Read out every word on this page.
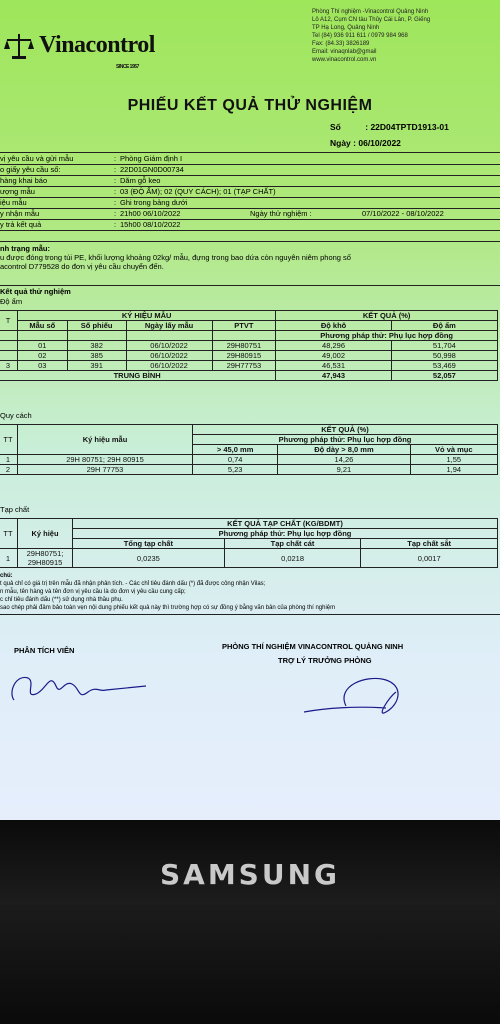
Vinacontrol
SINCE 1957
Phòng Thí nghiệm -Vinacontrol Quảng Ninh
Lô A12, Cụm CN tàu Thủy Cái Lân, P. Giếng
TP Hạ Long, Quảng Ninh
Tel (84) 936 911 611 / 0979 984 968
Fax: (84.33) 3826189
Email: vinaqnlab@gmail
www.vinacontrol.com.vn
PHIẾU KẾT QUẢ THỬ NGHIỆM
Số	: 22D04TPTD1913-01
Ngày : 06/10/2022
vị yêu cầu và gửi mẫu	Phòng Giám định I
:
o giấy yêu cầu số:	: 22D01GN0D00734
hàng khai báo	: Dăm gỗ keo
ượng mẫu	: 03 (ĐỘ ẨM); 02 (QUY CÁCH); 01 (TẠP CHẤT)
iệu mẫu	: Ghi trong bảng dưới
y nhận mẫu	: 21h00 06/10/2022	Ngày thử nghiệm :	07/10/2022 - 08/10/2022
y trả kết quả	: 15h00 08/10/2022
nh trạng mẫu:
u được đóng trong túi PE, khối lượng khoảng 02kg/ mẫu, đựng trong bao dứa còn nguyên niêm phong số
acontrol D779528 do đơn vị yêu cầu chuyển đến.
Kết quả thử nghiệm
Độ ẩm
T	KÝ HIỆU MẪU				KẾT QUẢ (%)	
	Mẫu số	Số phiếu	Ngày lấy mẫu	PTVT	Độ khô	Độ ẩm
					Phương pháp thử: Phụ lục hợp đồng	
	01	382	06/10/2022	29H80751	48,296	51,704
	02	385	06/10/2022	29H80915	49,002	50,998
3	03	391	06/10/2022	29H77753	46,531	53,469
TRUNG BÌNH					47,943	52,057
Quy cách
TT	Ký hiệu mẫu	KẾT QUẢ (%)		
		Phương pháp thử: Phụ lục hợp đồng		
		> 45,0 mm	Độ dày > 8,0 mm	Vỏ và mục
1	29H 80751; 29H 80915	0,74	14,26	1,55
2	29H 77753	5,23	9,21	1,94
Tạp chất
TT	Ký hiệu	KẾT QUẢ TẠP CHẤT (KG/BDMT)		
		Phương pháp thử: Phụ lục hợp đồng		
		Tổng tạp chất	Tạp chất cát	Tạp chất sắt
1	29H80751;
29H80915	0,0235	0,0218	0,0017
chú:
t quả chỉ có giá trị trên mẫu đã nhận phân tích. - Các chỉ tiêu đánh dấu (*) đã được công nhận Vilas;
n mẫu, tên hàng và tên đơn vị yêu cầu là do đơn vị yêu cầu cung cấp;
c chỉ tiêu đánh dấu (**) sử dụng nhà thầu phụ.
sao chép phải đảm bảo toàn vẹn nội dung phiếu kết quả này thì trường hợp có sự đồng ý bằng văn bản của phòng thí nghiệm
PHÂN TÍCH VIÊN	PHÒNG THÍ NGHIỆM VINACONTROL QUẢNG NINH
TRỢ LÝ TRƯỞNG PHÒNG
SAMSUNG
